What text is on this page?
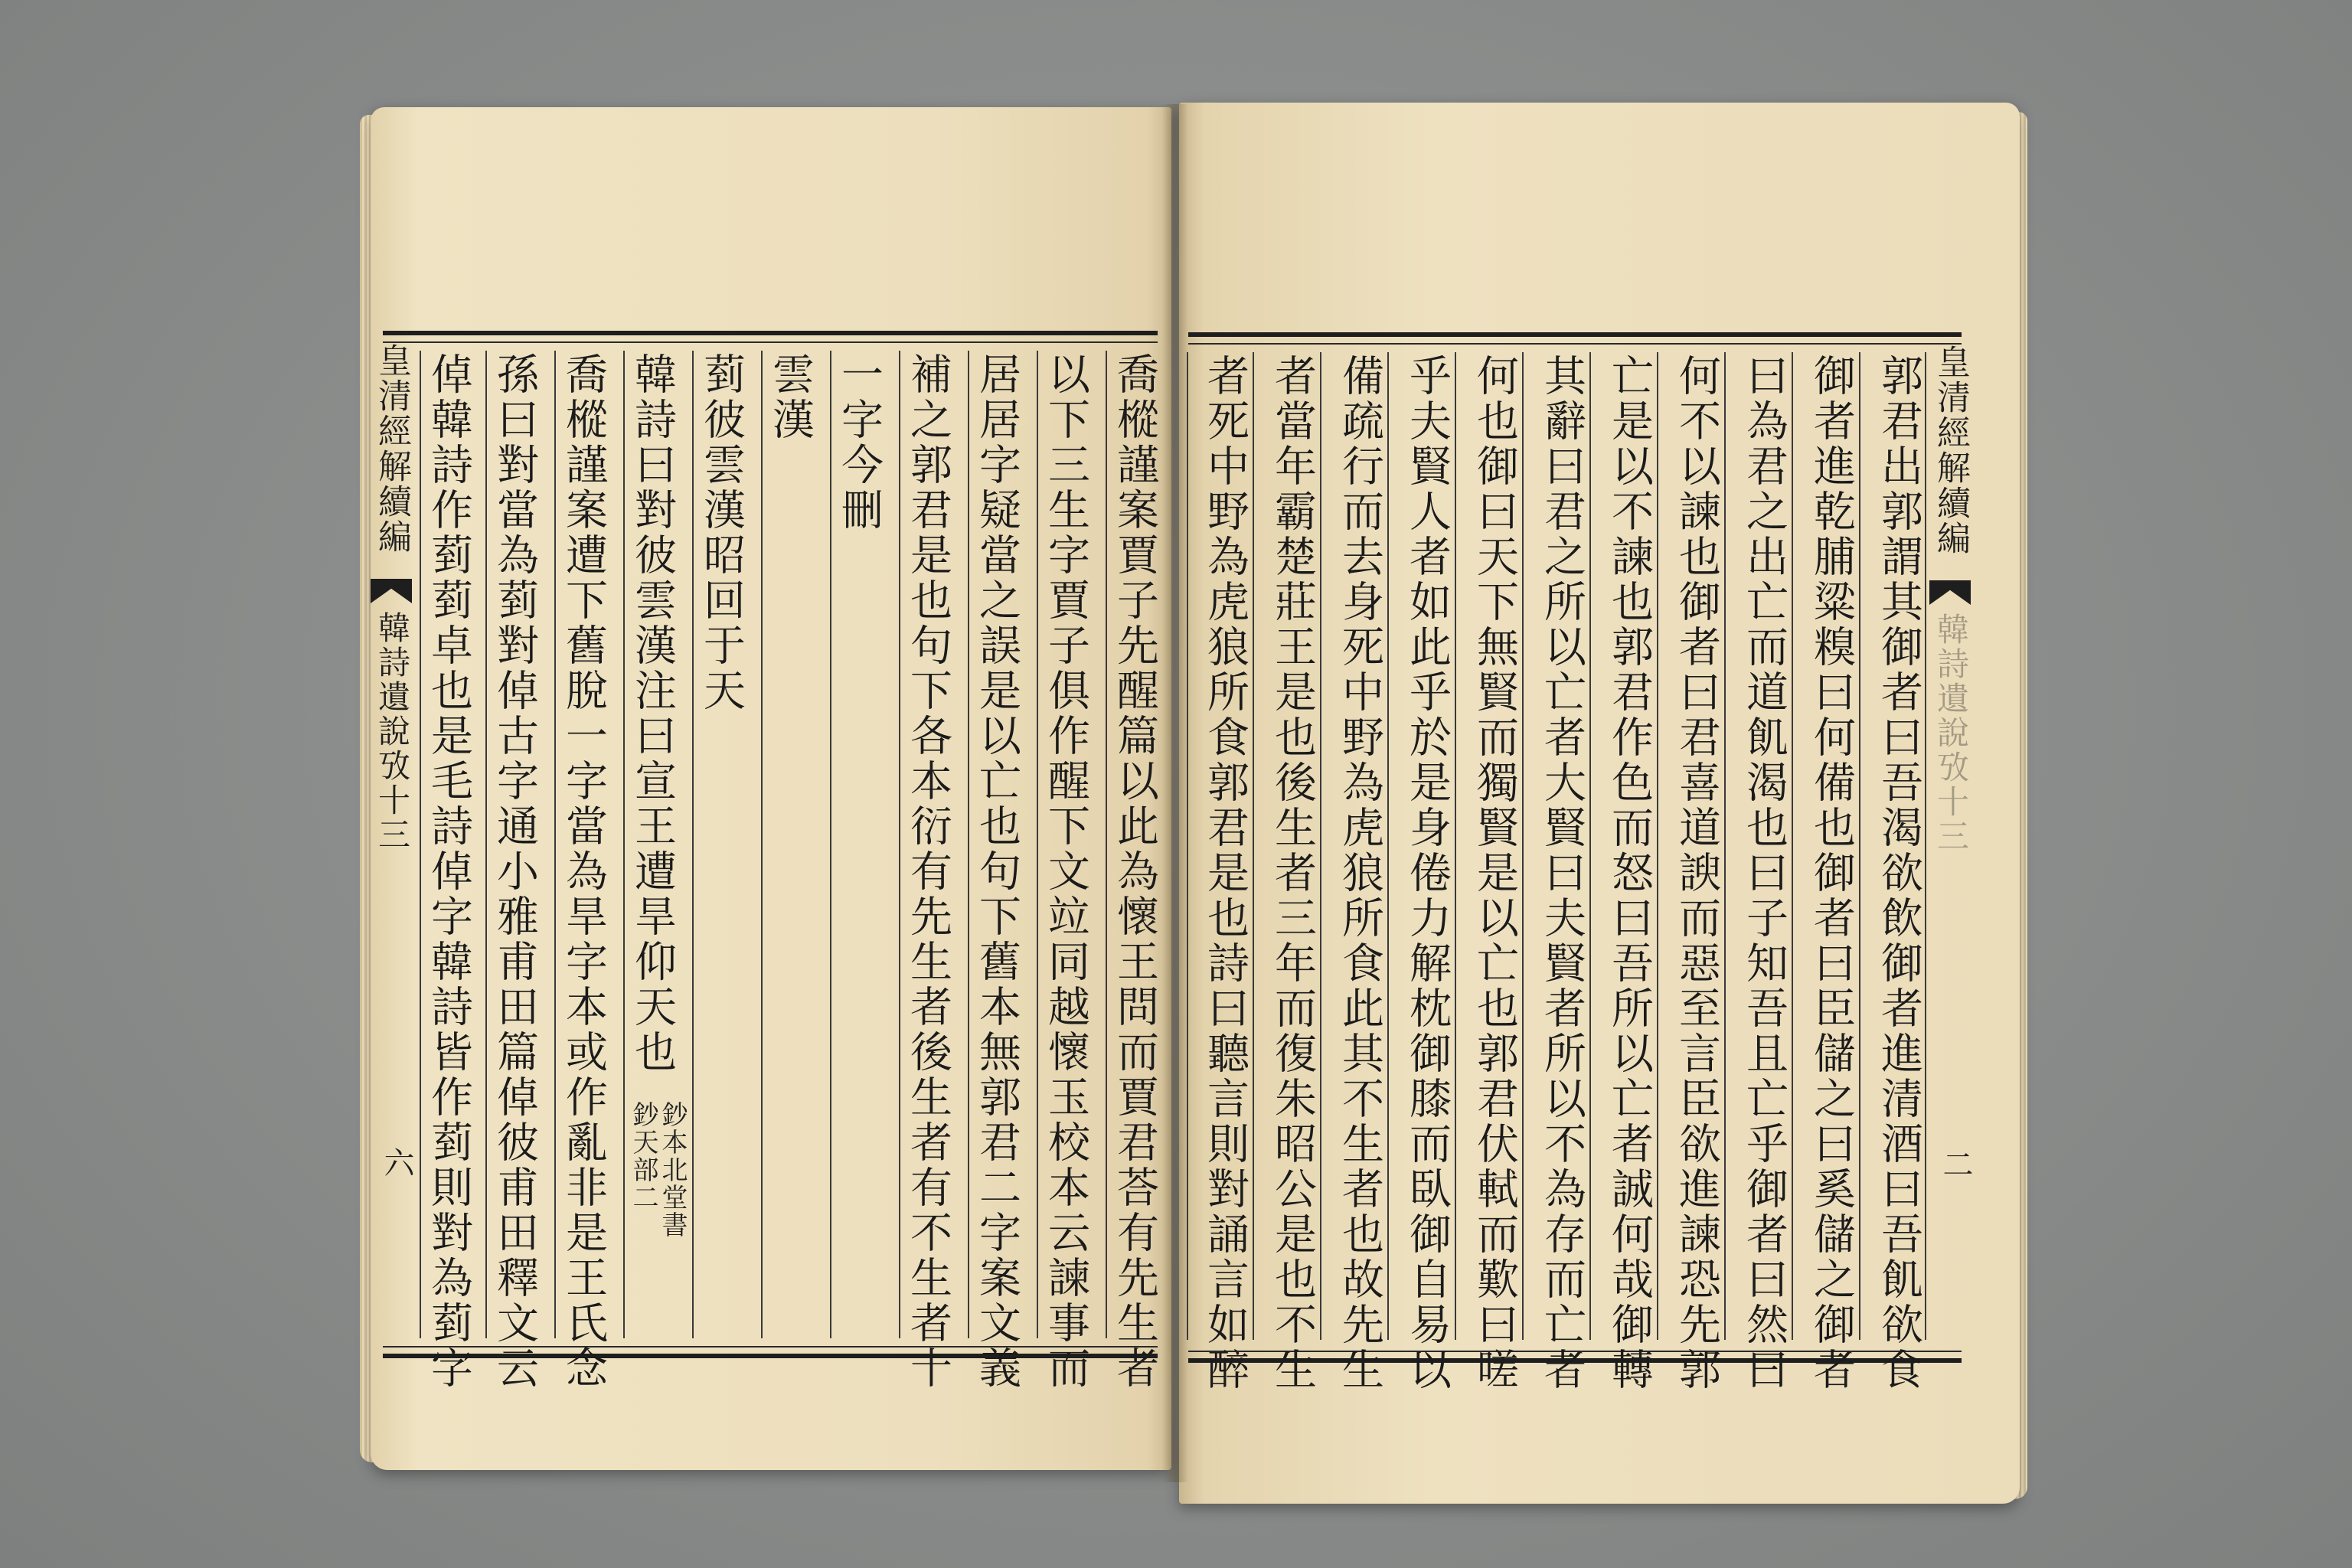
皇清經解續編
韓詩遺說攷十三
六	喬樅謹案賈子先醒篇以此為懷王問而賈君荅有先生者
以下三生字賈子俱作醒下文竝同越懷玉校本云諫事而
居居字疑當之誤是以亡也句下舊本無郭君二字案文義
補之郭君是也句下各本衍有先生者後生者有不生者十
一字今刪
雲漢
菿彼雲漢昭回于天
韓詩曰對彼雲漢注曰宣王遭旱仰天也
鈔本北堂書
鈔天部二
喬樅謹案遭下舊脫一字當為旱字本或作亂非是王氏念
孫曰對當為菿對倬古字通小雅甫田篇倬彼甫田釋文云
倬韓詩作菿菿卓也是毛詩倬字韓詩皆作菿則對為菿字	皇清經解續編
韓詩遺說攷十三
二
郭君出郭謂其御者曰吾渴欲飲御者進清酒曰吾飢欲食
御者進乾脯粱糗曰何備也御者曰臣儲之曰奚儲之御者
曰為君之出亡而道飢渴也曰子知吾且亡乎御者曰然曰
何不以諫也御者曰君喜道諛而惡至言臣欲進諫恐先郭
亡是以不諫也郭君作色而怒曰吾所以亡者誠何哉御轉
其辭曰君之所以亡者大賢曰夫賢者所以不為存而亡者
何也御曰天下無賢而獨賢是以亡也郭君伏軾而歎曰嗟
乎夫賢人者如此乎於是身倦力解枕御膝而臥御自易以
備疏行而去身死中野為虎狼所食此其不生者也故先生
者當年霸楚莊王是也後生者三年而復朱昭公是也不生
者死中野為虎狼所食郭君是也詩曰聽言則對誦言如醉
